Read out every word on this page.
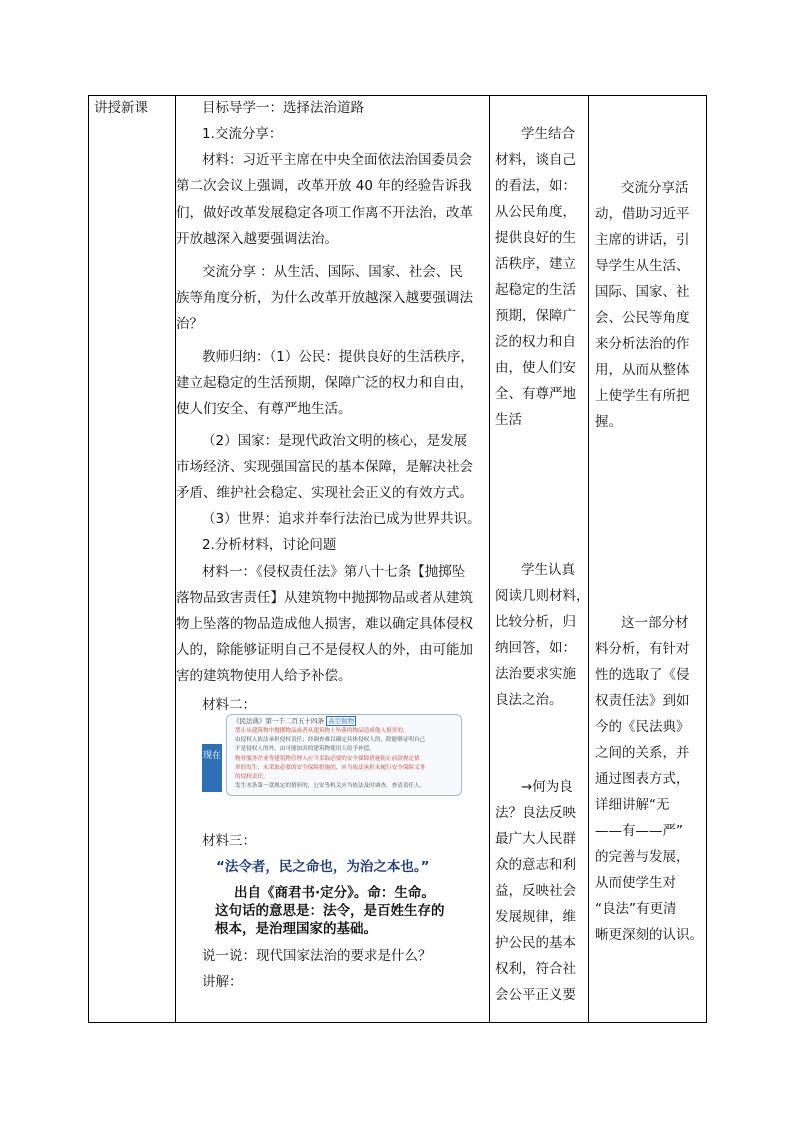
讲授新课	目标导学一：选择法治道路
1.交流分享：
材料：习近平主席在中央全面依法治国委员会
第二次会议上强调，改革开放 40 年的经验告诉我
们，做好改革发展稳定各项工作离不开法治，改革
开放越深入越要强调法治。
交流分享 ：从生活、国际、国家、社会、民
族等角度分析，为什么改革开放越深入越要强调法
治？
教师归纳：（1）公民：提供良好的生活秩序，
建立起稳定的生活预期，保障广泛的权力和自由，
使人们安全、有尊严地生活。
（2）国家：是现代政治文明的核心，是发展
市场经济、实现强国富民的基本保障，是解决社会
矛盾、维护社会稳定、实现社会正义的有效方式。
（3）世界：追求并奉行法治已成为世界共识。
2.分析材料，讨论问题
材料一：《侵权责任法》第八十七条【抛掷坠
落物品致害责任】从建筑物中抛掷物品或者从建筑
物上坠落的物品造成他人损害，难以确定具体侵权
人的，除能够证明自己不是侵权人的外，由可能加
害的建筑物使用人给予补偿。
材料二：
现在
《民法典》第一千二百五十四条 高空抛物
禁止从建筑物中抛掷物品或者从建筑物上坠落的物品造成他人损害的，
由侵权人依法承担侵权责任；经调查难以确定具体侵权人的，除能够证明自己
不是侵权人的外，由可能加害的建筑物使用人给予补偿。
物业服务企业等建筑物管理人应当采取必要的安全保障措施防止前款规定情
形的发生；未采取必要的安全保障措施的，应当依法承担未履行安全保障义务
的侵权责任。
发生本条第一款规定的情形的，公安等机关应当依法及时调查，查清责任人。
材料三：
“法令者，民之命也，为治之本也。”
出自《商君书·定分》。命：生命。
这句话的意思是：法令，是百姓生存的
根本，是治理国家的基础。
说一说：现代国家法治的要求是什么？
讲解：
学生结合
材料，谈自己
的看法，如：
从公民角度，
提供良好的生
活秩序，建立
起稳定的生活
预期，保障广
泛的权力和自
由，使人们安
全、有尊严地
生活
学生认真
阅读几则材料，
比较分析，归
纳回答，如：
法治要求实施
良法之治。
→何为良
法？良法反映
最广大人民群
众的意志和利
益，反映社会
发展规律，维
护公民的基本
权利，符合社
会公平正义要
交流分享活
动，借助习近平
主席的讲话，引
导学生从生活、
国际、国家、社
会、公民等角度
来分析法治的作
用，从而从整体
上使学生有所把
握。
这一部分材
料分析，有针对
性的选取了《侵
权责任法》到如
今的《民法典》
之间的关系，并
通过图表方式，
详细讲解“无
——有——严”
的完善与发展，
从而使学生对
“良法”有更清
晰更深刻的认识。
